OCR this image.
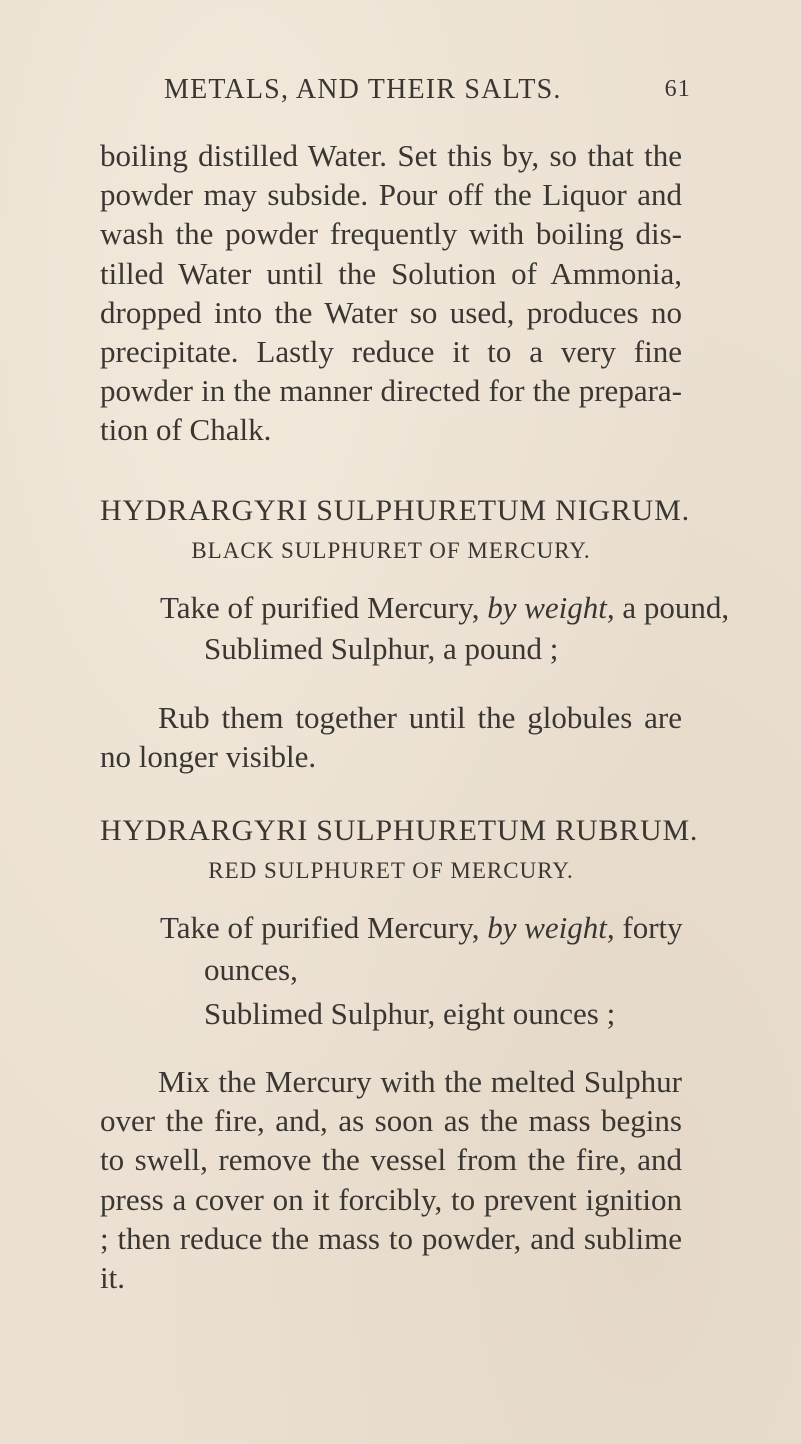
METALS, AND THEIR SALTS.	61

boiling distilled Water. Set this by, so that the powder may subside. Pour off the Liquor and wash the powder frequently with boiling dis-tilled Water until the Solution of Ammonia, dropped into the Water so used, produces no precipitate. Lastly reduce it to a very fine powder in the manner directed for the prepara-tion of Chalk.

HYDRARGYRI SULPHURETUM NIGRUM.
BLACK SULPHURET OF MERCURY.
Take of purified Mercury, by weight, a pound,
Sublimed Sulphur, a pound ;

Rub them together until the globules are no longer visible.

HYDRARGYRI SULPHURETUM RUBRUM.
RED SULPHURET OF MERCURY.
Take of purified Mercury, by weight, forty
ounces,
Sublimed Sulphur, eight ounces ;

Mix the Mercury with the melted Sulphur over the fire, and, as soon as the mass begins to swell, remove the vessel from the fire, and press a cover on it forcibly, to prevent ignition ; then reduce the mass to powder, and sublime it.
